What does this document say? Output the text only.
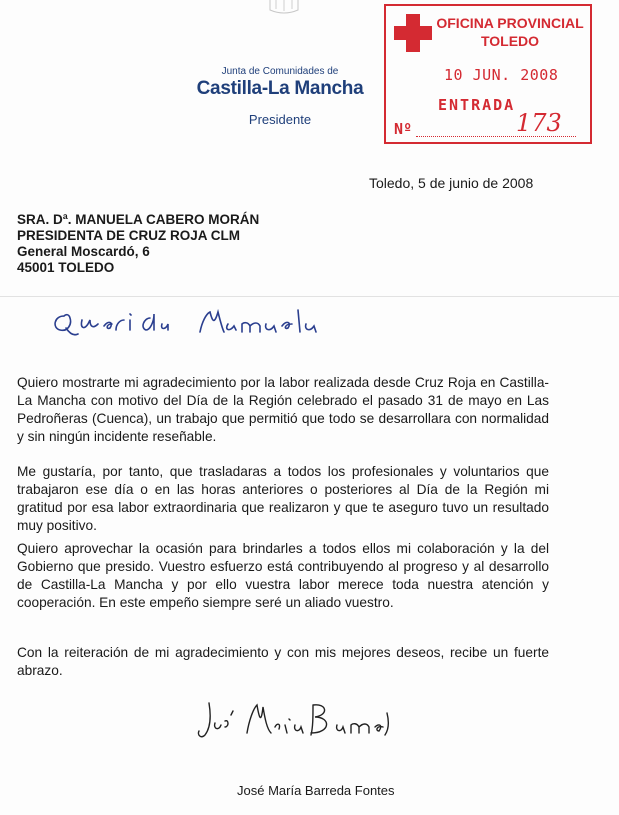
Junta de Comunidades de
Castilla-La Mancha
Presidente
OFICINA PROVINCIAL
TOLEDO
10 JUN. 2008
ENTRADA
Nº	173
Toledo, 5 de junio de 2008
SRA. Dª. MANUELA CABERO MORÁN
PRESIDENTA DE CRUZ ROJA CLM
General Moscardó, 6
45001 TOLEDO

Quiero mostrarte mi agradecimiento por la labor realizada desde Cruz Roja en Castilla-La Mancha con motivo del Día de la Región celebrado el pasado 31 de mayo en Las Pedroñeras (Cuenca), un trabajo que permitió que todo se desarrollara con normalidad y sin ningún incidente reseñable.

Me gustaría, por tanto, que trasladaras a todos los profesionales y voluntarios que trabajaron ese día o en las horas anteriores o posteriores al Día de la Región mi gratitud por esa labor extraordinaria que realizaron y que te aseguro tuvo un resultado muy positivo.

Quiero aprovechar la ocasión para brindarles a todos ellos mi colaboración y la del Gobierno que presido. Vuestro esfuerzo está contribuyendo al progreso y al desarrollo de Castilla-La Mancha y por ello vuestra labor merece toda nuestra atención y cooperación. En este empeño siempre seré un aliado vuestro.

Con la reiteración de mi agradecimiento y con mis mejores deseos, recibe un fuerte abrazo.

José María Barreda Fontes
